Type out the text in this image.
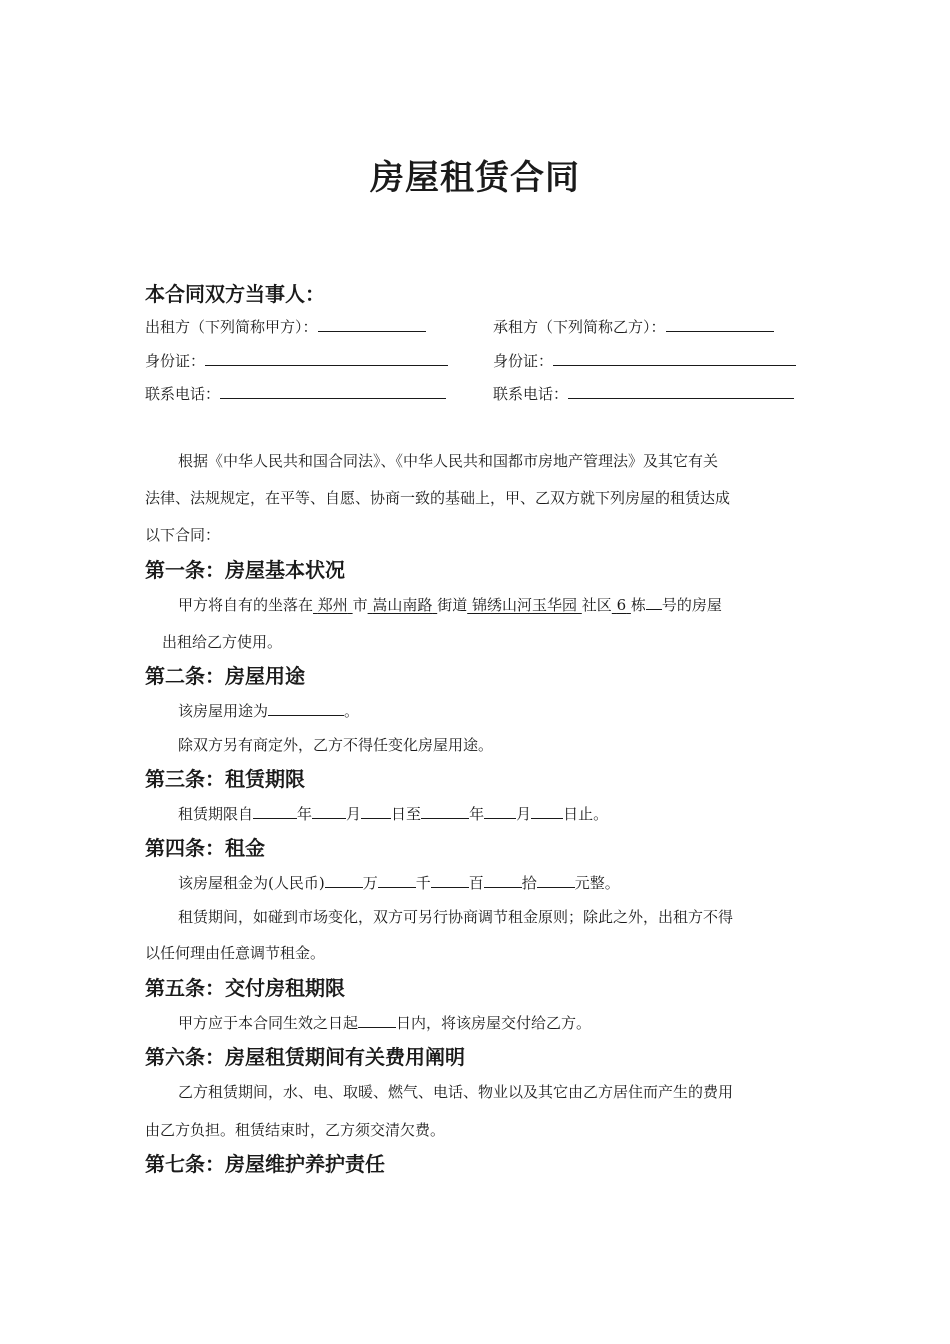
房屋租赁合同
本合同双方当事人：
出租方（下列简称甲方）：	承租方（下列简称乙方）：
身份证：	身份证：
联系电话：	联系电话：
根据《中华人民共和国合同法》、《中华人民共和国都市房地产管理法》及其它有关
法律、法规规定，在平等、自愿、协商一致的基础上，甲、乙双方就下列房屋的租赁达成
以下合同：
第一条：房屋基本状况
甲方将自有的坐落在 郑州 市 嵩山南路 街道 锦绣山河玉华园 社区 6 栋 号的房屋
出租给乙方使用。
第二条：房屋用途
该房屋用途为	。
除双方另有商定外，乙方不得任变化房屋用途。
第三条：租赁期限
租赁期限自	年 月 日至	年 月 日止。
第四条：租金
该房屋租金为(人民币)	万	千	百	拾	元整。
租赁期间，如碰到市场变化，双方可另行协商调节租金原则；除此之外，出租方不得
以任何理由任意调节租金。
第五条：交付房租期限
甲方应于本合同生效之日起	日内，将该房屋交付给乙方。
第六条：房屋租赁期间有关费用阐明
乙方租赁期间，水、电、取暖、燃气、电话、物业以及其它由乙方居住而产生的费用
由乙方负担。租赁结束时，乙方须交清欠费。
第七条：房屋维护养护责任
